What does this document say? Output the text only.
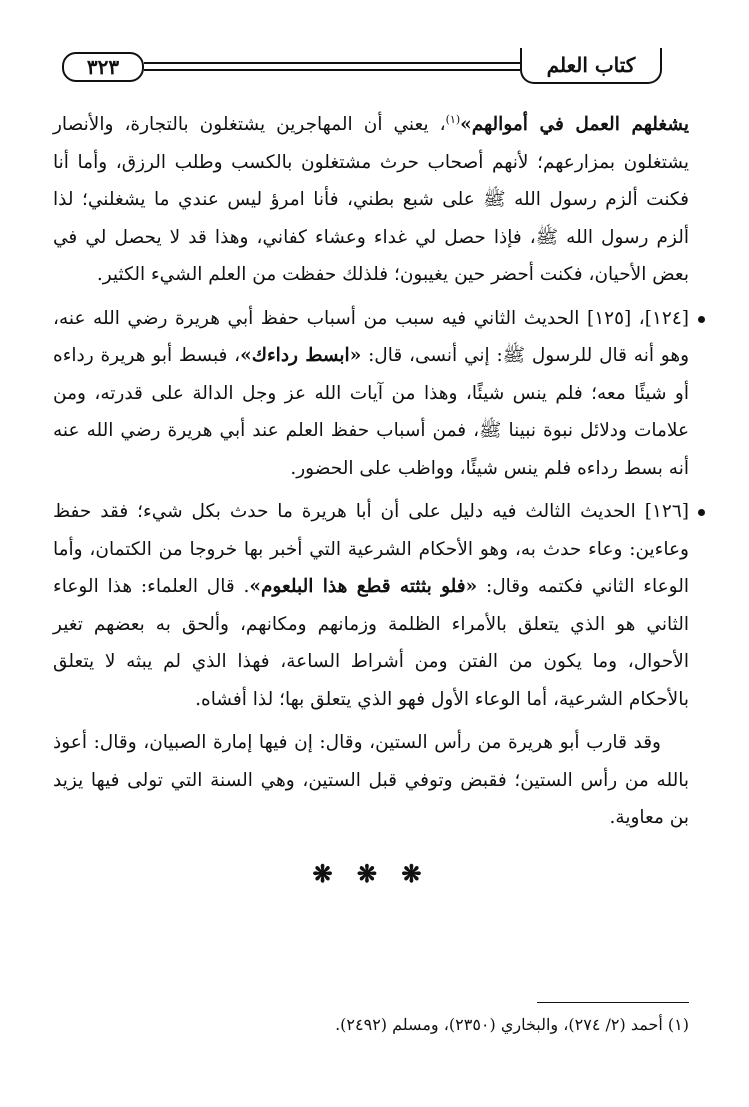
كتاب العلم
٣٢٣

يشغلهم العمل في أموالهم»$^{(١)}$، يعني أن المهاجرين يشتغلون بالتجارة، والأنصار يشتغلون بمزارعهم؛ لأنهم أصحاب حرث مشتغلون بالكسب وطلب الرزق، وأما أنا فكنت ألزم رسول الله ﷺ على شبع بطني، فأنا امرؤ ليس عندي ما يشغلني؛ لذا ألزم رسول الله ﷺ، فإذا حصل لي غداء وعشاء كفاني، وهذا قد لا يحصل لي في بعض الأحيان، فكنت أحضر حين يغيبون؛ فلذلك حفظت من العلم الشيء الكثير.

[١٢٤]، [١٢٥] الحديث الثاني فيه سبب من أسباب حفظ أبي هريرة رضي الله عنه، وهو أنه قال للرسول ﷺ: إني أنسى، قال: «ابسط رداءك»، فبسط أبو هريرة رداءه أو شيئًا معه؛ فلم ينس شيئًا، وهذا من آيات الله عز وجل الدالة على قدرته، ومن علامات ودلائل نبوة نبينا ﷺ، فمن أسباب حفظ العلم عند أبي هريرة رضي الله عنه أنه بسط رداءه فلم ينس شيئًا، وواظب على الحضور.

[١٢٦] الحديث الثالث فيه دليل على أن أبا هريرة ما حدث بكل شيء؛ فقد حفظ وعاءين: وعاء حدث به، وهو الأحكام الشرعية التي أخبر بها خروجا من الكتمان، وأما الوعاء الثاني فكتمه وقال: «فلو بثثته قطع هذا البلعوم». قال العلماء: هذا الوعاء الثاني هو الذي يتعلق بالأمراء الظلمة وزمانهم ومكانهم، وألحق به بعضهم تغير الأحوال، وما يكون من الفتن ومن أشراط الساعة، فهذا الذي لم يبثه لا يتعلق بالأحكام الشرعية، أما الوعاء الأول فهو الذي يتعلق بها؛ لذا أفشاه.

وقد قارب أبو هريرة من رأس الستين، وقال: إن فيها إمارة الصبيان، وقال: أعوذ بالله من رأس الستين؛ فقبض وتوفي قبل الستين، وهي السنة التي تولى فيها يزيد بن معاوية.

❋ ❋ ❋

(١) أحمد (٢/ ٢٧٤)، والبخاري (٢٣٥٠)، ومسلم (٢٤٩٢).
